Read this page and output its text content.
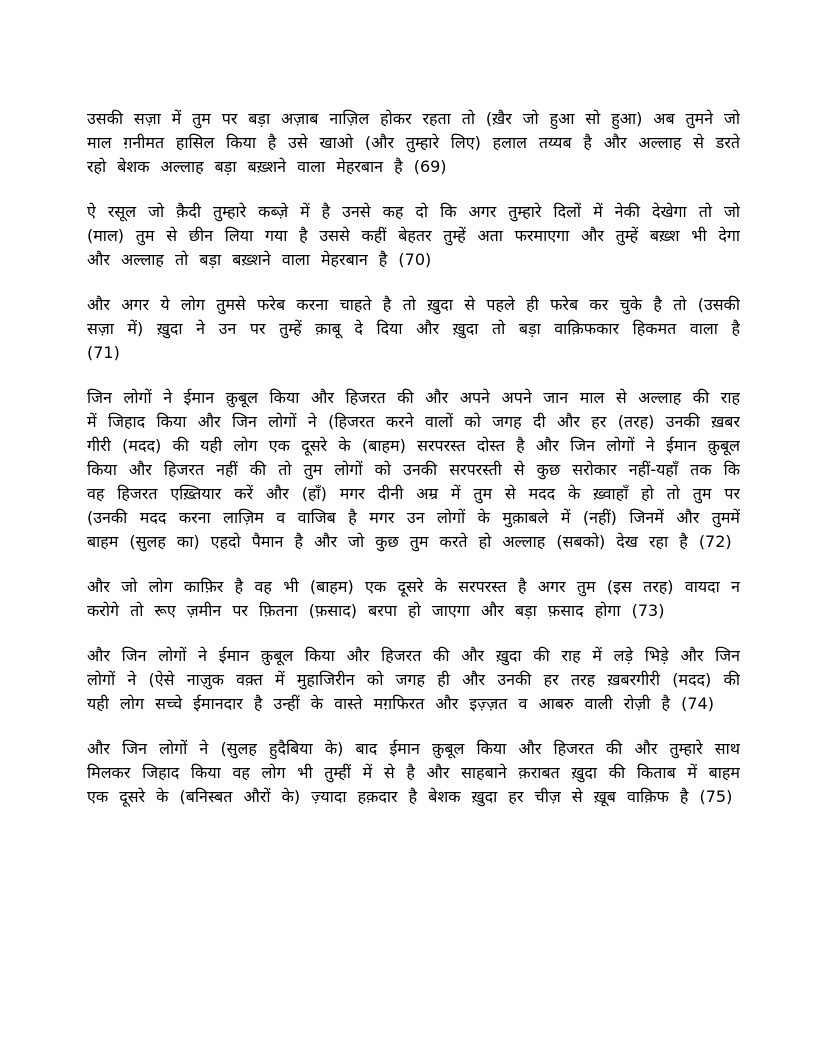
उसकी सज़ा में तुम पर बड़ा अज़ाब नाज़िल होकर रहता तो (ख़ैर जो हुआ सो हुआ) अब तुमने जो
माल ग़नीमत हासिल किया है उसे खाओ (और तुम्हारे लिए) हलाल तय्यब है और अल्लाह से डरते
रहो बेशक अल्लाह बड़ा बख़्शने वाला मेहरबान है (69)
ऐ रसूल जो क़ैदी तुम्हारे कब्ज़े में है उनसे कह दो कि अगर तुम्हारे दिलों में नेकी देखेगा तो जो
(माल) तुम से छीन लिया गया है उससे कहीं बेहतर तुम्हें अता फरमाएगा और तुम्हें बख़्श भी देगा
और अल्लाह तो बड़ा बख़्शने वाला मेहरबान है (70)
और अगर ये लोग तुमसे फरेब करना चाहते है तो ख़ुदा से पहले ही फरेब कर चुके है तो (उसकी
सज़ा में) ख़ुदा ने उन पर तुम्हें क़ाबू दे दिया और ख़ुदा तो बड़ा वाक़िफकार हिकमत वाला है (71)
जिन लोगों ने ईमान क़ुबूल किया और हिजरत की और अपने अपने जान माल से अल्लाह की राह
में जिहाद किया और जिन लोगों ने (हिजरत करने वालों को जगह दी और हर (तरह) उनकी ख़बर
गीरी (मदद) की यही लोग एक दूसरे के (बाहम) सरपरस्त दोस्त है और जिन लोगों ने ईमान क़ुबूल
किया और हिजरत नहीं की तो तुम लोगों को उनकी सरपरस्ती से कुछ सरोकार नहीं-यहाँ तक कि
वह हिजरत एख़्तियार करें और (हाँ) मगर दीनी अम्र में तुम से मदद के ख़्वाहाँ हो तो तुम पर
(उनकी मदद करना लाज़िम व वाजिब है मगर उन लोगों के मुक़ाबले में (नहीं) जिनमें और तुममें
बाहम (सुलह का) एहदो पैमान है और जो कुछ तुम करते हो अल्लाह (सबको) देख रहा है (72)
और जो लोग काफ़िर है वह भी (बाहम) एक दूसरे के सरपरस्त है अगर तुम (इस तरह) वायदा न
करोगे तो रूए ज़मीन पर फ़ितना (फ़साद) बरपा हो जाएगा और बड़ा फ़साद होगा (73)
और जिन लोगों ने ईमान क़ुबूल किया और हिजरत की और ख़ुदा की राह में लड़े भिड़े और जिन
लोगों ने (ऐसे नाज़ुक वक़्त में मुहाजिरीन को जगह ही और उनकी हर तरह ख़बरगीरी (मदद) की
यही लोग सच्चे ईमानदार है उन्हीं के वास्ते मग़फिरत और इज़्ज़त व आबरु वाली रोज़ी है (74)
और जिन लोगों ने (सुलह हुदैबिया के) बाद ईमान क़ुबूल किया और हिजरत की और तुम्हारे साथ
मिलकर जिहाद किया वह लोग भी तुम्हीं में से है और साहबाने क़राबत ख़ुदा की किताब में बाहम
एक दूसरे के (बनिस्बत औरों के) ज़्यादा हक़दार है बेशक ख़ुदा हर चीज़ से ख़ूब वाक़िफ है (75)
